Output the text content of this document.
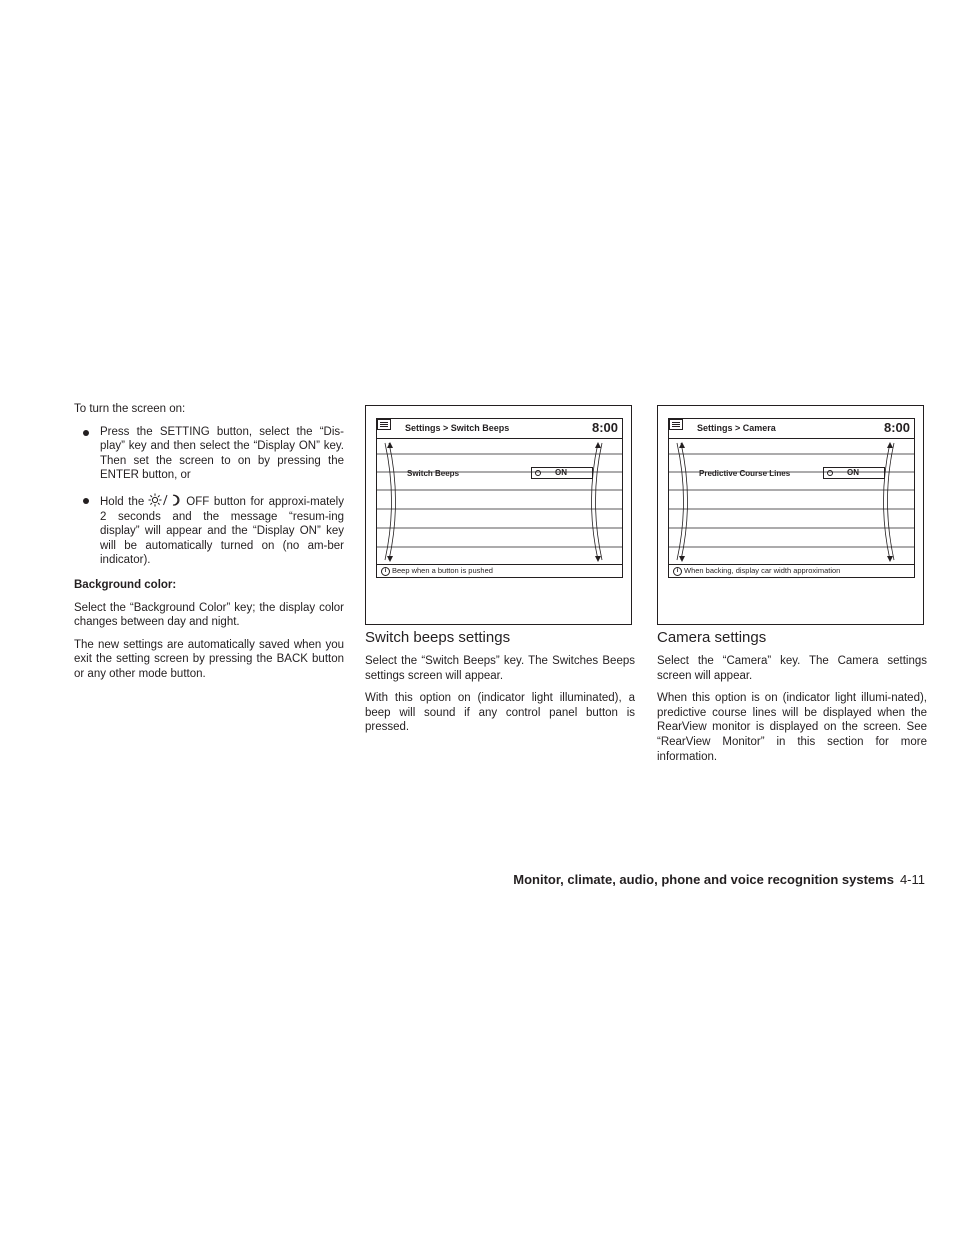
To turn the screen on:

Press the SETTING button, select the “Dis-play” key and then select the “Display ON” key. Then set the screen to on by pressing the ENTER button, or
Hold the	OFF button for approxi-mately 2 seconds and the message “resum-ing display” will appear and the “Display ON” key will be automatically turned on (no am-ber indicator).

Background color:

Select the “Background Color” key; the display color changes between day and night.

The new settings are automatically saved when you exit the setting screen by pressing the BACK button or any other mode button.

Settings > Switch Beeps	8:00
Switch Beeps	ON
i Beep when a button is pushed

Switch beeps settings

Select the “Switch Beeps” key. The Switches Beeps settings screen will appear.

With this option on (indicator light illuminated), a beep will sound if any control panel button is pressed.

Settings > Camera	8:00
Predictive Course Lines	ON
i When backing, display car width approximation

Camera settings

Select the “Camera” key. The Camera settings screen will appear.

When this option is on (indicator light illumi-nated), predictive course lines will be displayed when the RearView monitor is displayed on the screen. See “RearView Monitor” in this section for more information.

Monitor, climate, audio, phone and voice recognition systems 4-11
